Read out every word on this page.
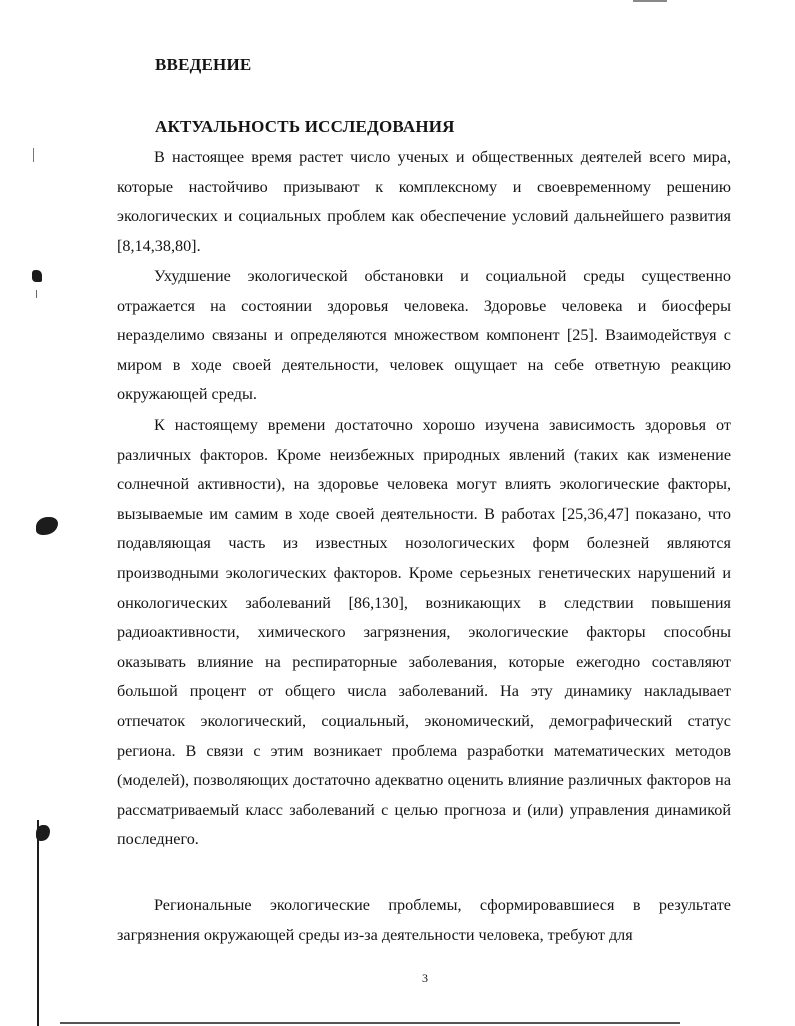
ВВЕДЕНИЕ
АКТУАЛЬНОСТЬ ИССЛЕДОВАНИЯ

В настоящее время растет число ученых и общественных деятелей всего мира, которые настойчиво призывают к комплексному и своевременному решению экологических и социальных проблем как обеспечение условий дальнейшего развития [8,14,38,80].

Ухудшение экологической обстановки и социальной среды существенно отражается на состоянии здоровья человека. Здоровье человека и биосферы неразделимо связаны и определяются множеством компонент [25]. Взаимодействуя с миром в ходе своей деятельности, человек ощущает на себе ответную реакцию окружающей среды.

К настоящему времени достаточно хорошо изучена зависимость здоровья от различных факторов. Кроме неизбежных природных явлений (таких как изменение солнечной активности), на здоровье человека могут влиять экологические факторы, вызываемые им самим в ходе своей деятельности. В работах [25,36,47] показано, что подавляющая часть из известных нозологических форм болезней являются производными экологических факторов. Кроме серьезных генетических нарушений и онкологических заболеваний [86,130], возникающих в следствии повышения радиоактивности, химического загрязнения, экологические факторы способны оказывать влияние на респираторные заболевания, которые ежегодно составляют большой процент от общего числа заболеваний. На эту динамику накладывает отпечаток экологический, социальный, экономический, демографический статус региона. В связи с этим возникает проблема разработки математических методов (моделей), позволяющих достаточно адекватно оценить влияние различных факторов на рассматриваемый класс заболеваний с целью прогноза и (или) управления динамикой последнего.

Региональные экологические проблемы, сформировавшиеся в результате загрязнения окружающей среды из-за деятельности человека, требуют для

3
